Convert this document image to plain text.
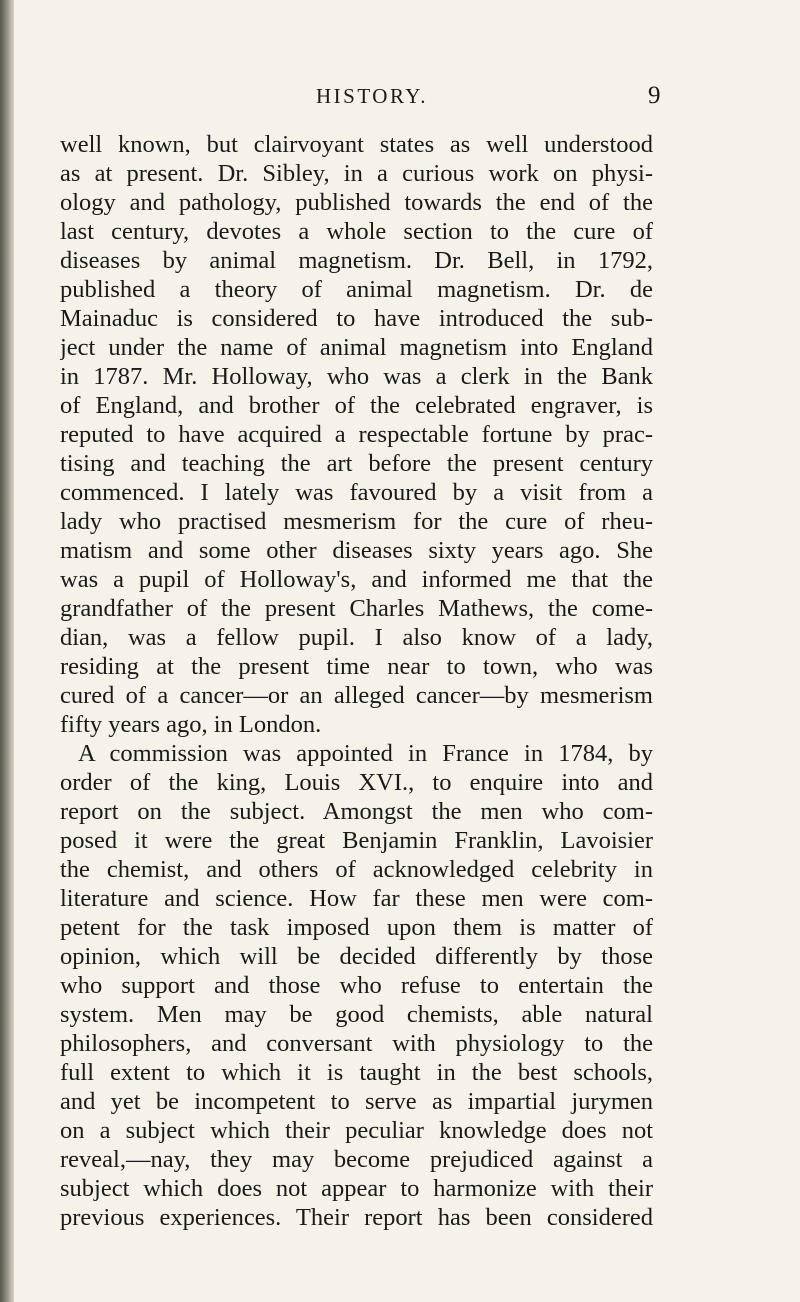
HISTORY.	9
well known, but clairvoyant states as well understood
as at present. Dr. Sibley, in a curious work on physi-
ology and pathology, published towards the end of the
last century, devotes a whole section to the cure of
diseases by animal magnetism. Dr. Bell, in 1792,
published a theory of animal magnetism. Dr. de
Mainaduc is considered to have introduced the sub-
ject under the name of animal magnetism into England
in 1787. Mr. Holloway, who was a clerk in the Bank
of England, and brother of the celebrated engraver, is
reputed to have acquired a respectable fortune by prac-
tising and teaching the art before the present century
commenced. I lately was favoured by a visit from a
lady who practised mesmerism for the cure of rheu-
matism and some other diseases sixty years ago. She
was a pupil of Holloway's, and informed me that the
grandfather of the present Charles Mathews, the come-
dian, was a fellow pupil. I also know of a lady,
residing at the present time near to town, who was
cured of a cancer—or an alleged cancer—by mesmerism
fifty years ago, in London.
A commission was appointed in France in 1784, by
order of the king, Louis XVI., to enquire into and
report on the subject. Amongst the men who com-
posed it were the great Benjamin Franklin, Lavoisier
the chemist, and others of acknowledged celebrity in
literature and science. How far these men were com-
petent for the task imposed upon them is matter of
opinion, which will be decided differently by those
who support and those who refuse to entertain the
system. Men may be good chemists, able natural
philosophers, and conversant with physiology to the
full extent to which it is taught in the best schools,
and yet be incompetent to serve as impartial jurymen
on a subject which their peculiar knowledge does not
reveal,—nay, they may become prejudiced against a
subject which does not appear to harmonize with their
previous experiences. Their report has been considered
